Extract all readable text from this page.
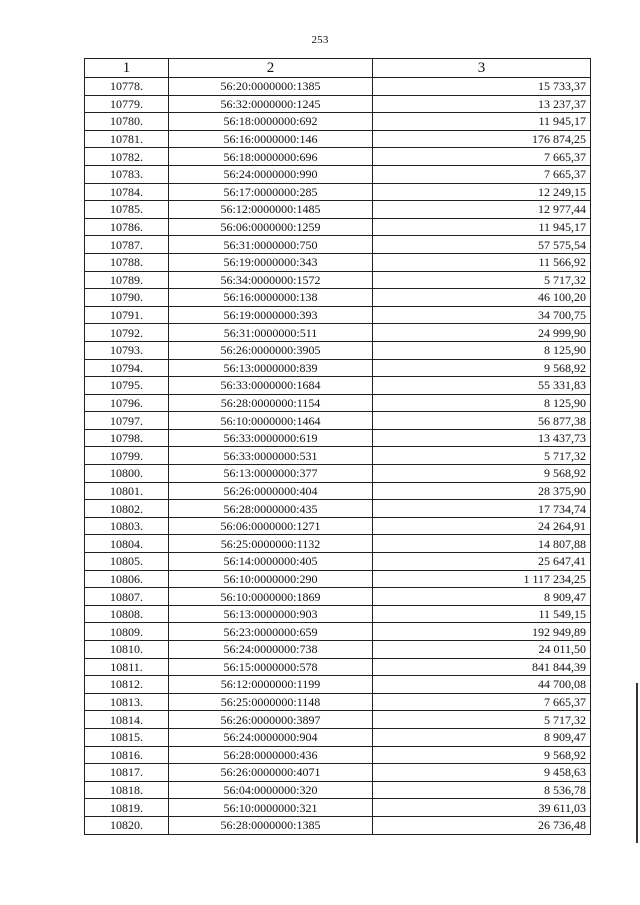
253
1	2	3
10778.	56:20:0000000:1385	15 733,37
10779.	56:32:0000000:1245	13 237,37
10780.	56:18:0000000:692	11 945,17
10781.	56:16:0000000:146	176 874,25
10782.	56:18:0000000:696	7 665,37
10783.	56:24:0000000:990	7 665,37
10784.	56:17:0000000:285	12 249,15
10785.	56:12:0000000:1485	12 977,44
10786.	56:06:0000000:1259	11 945,17
10787.	56:31:0000000:750	57 575,54
10788.	56:19:0000000:343	11 566,92
10789.	56:34:0000000:1572	5 717,32
10790.	56:16:0000000:138	46 100,20
10791.	56:19:0000000:393	34 700,75
10792.	56:31:0000000:511	24 999,90
10793.	56:26:0000000:3905	8 125,90
10794.	56:13:0000000:839	9 568,92
10795.	56:33:0000000:1684	55 331,83
10796.	56:28:0000000:1154	8 125,90
10797.	56:10:0000000:1464	56 877,38
10798.	56:33:0000000:619	13 437,73
10799.	56:33:0000000:531	5 717,32
10800.	56:13:0000000:377	9 568,92
10801.	56:26:0000000:404	28 375,90
10802.	56:28:0000000:435	17 734,74
10803.	56:06:0000000:1271	24 264,91
10804.	56:25:0000000:1132	14 807,88
10805.	56:14:0000000:405	25 647,41
10806.	56:10:0000000:290	1 117 234,25
10807.	56:10:0000000:1869	8 909,47
10808.	56:13:0000000:903	11 549,15
10809.	56:23:0000000:659	192 949,89
10810.	56:24:0000000:738	24 011,50
10811.	56:15:0000000:578	841 844,39
10812.	56:12:0000000:1199	44 700,08
10813.	56:25:0000000:1148	7 665,37
10814.	56:26:0000000:3897	5 717,32
10815.	56:24:0000000:904	8 909,47
10816.	56:28:0000000:436	9 568,92
10817.	56:26:0000000:4071	9 458,63
10818.	56:04:0000000:320	8 536,78
10819.	56:10:0000000:321	39 611,03
10820.	56:28:0000000:1385	26 736,48
